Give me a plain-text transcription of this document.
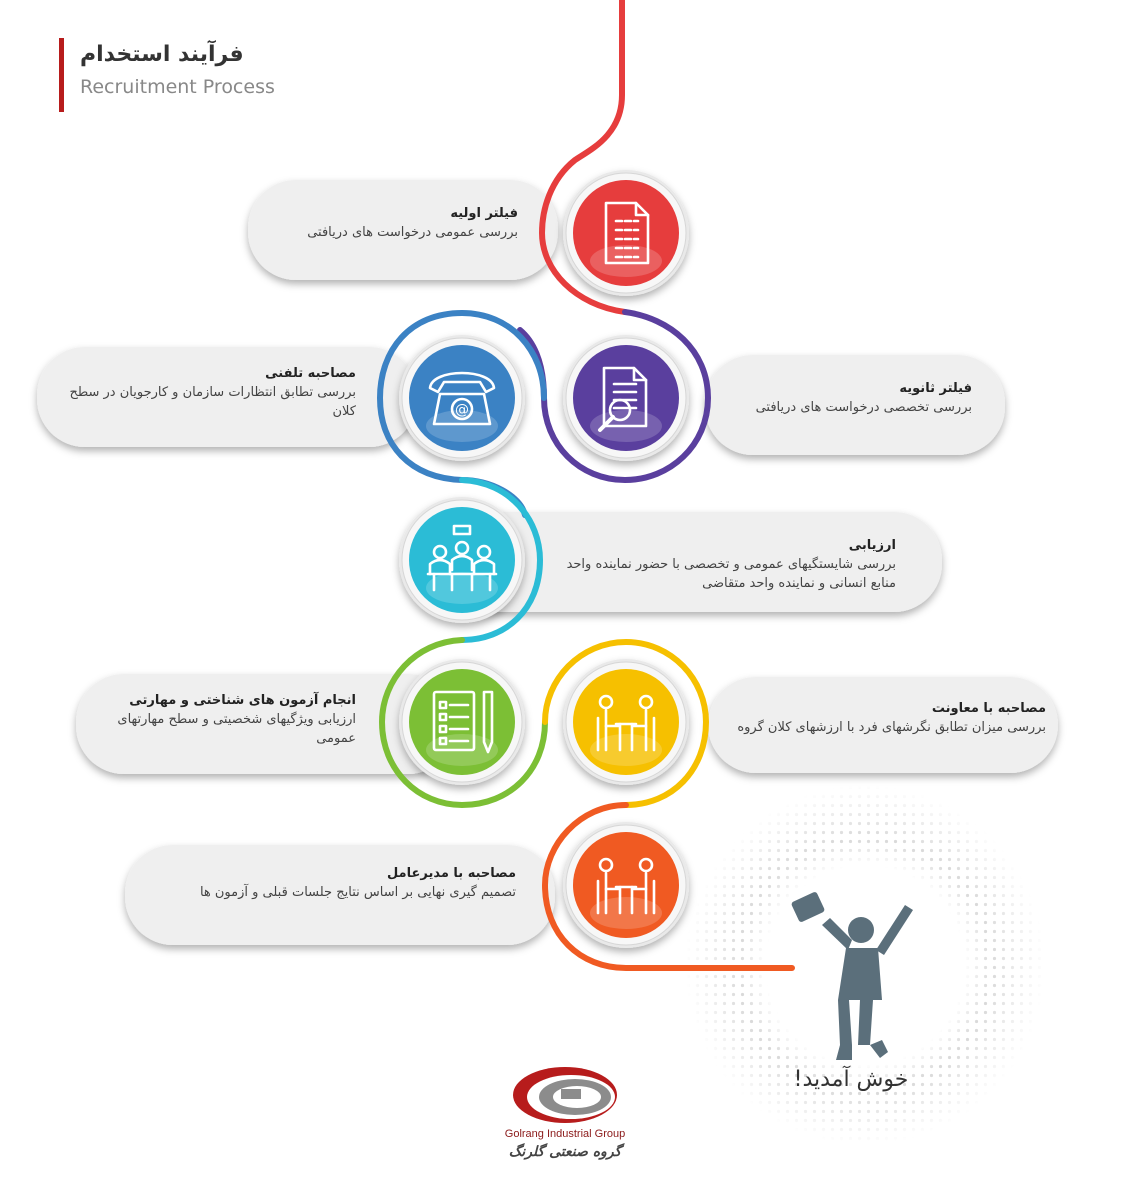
فرآیند استخدام
Recruitment Process
@
فیلتر اولیه
بررسی عمومی درخواست های دریافتی
فیلتر ثانویه
بررسی تخصصی درخواست های دریافتی
مصاحبه تلفنی
بررسی تطابق انتظارات سازمان و کارجویان در سطح کلان
ارزیابی
بررسی شایستگیهای عمومی و تخصصی با حضور نماینده واحد منابع انسانی و نماینده واحد متقاضی
مصاحبه با معاونت
بررسی میزان تطابق نگرشهای فرد با ارزشهای کلان گروه
انجام آزمون های شناختی و مهارتی
ارزیابی ویژگیهای شخصیتی و سطح مهارتهای عمومی
مصاحبه با مدیرعامل
تصمیم گیری نهایی بر اساس نتایج جلسات قبلی و آزمون ها
خوش آمدید!
Golrang Industrial Group
گروه صنعتی گلرنگ
